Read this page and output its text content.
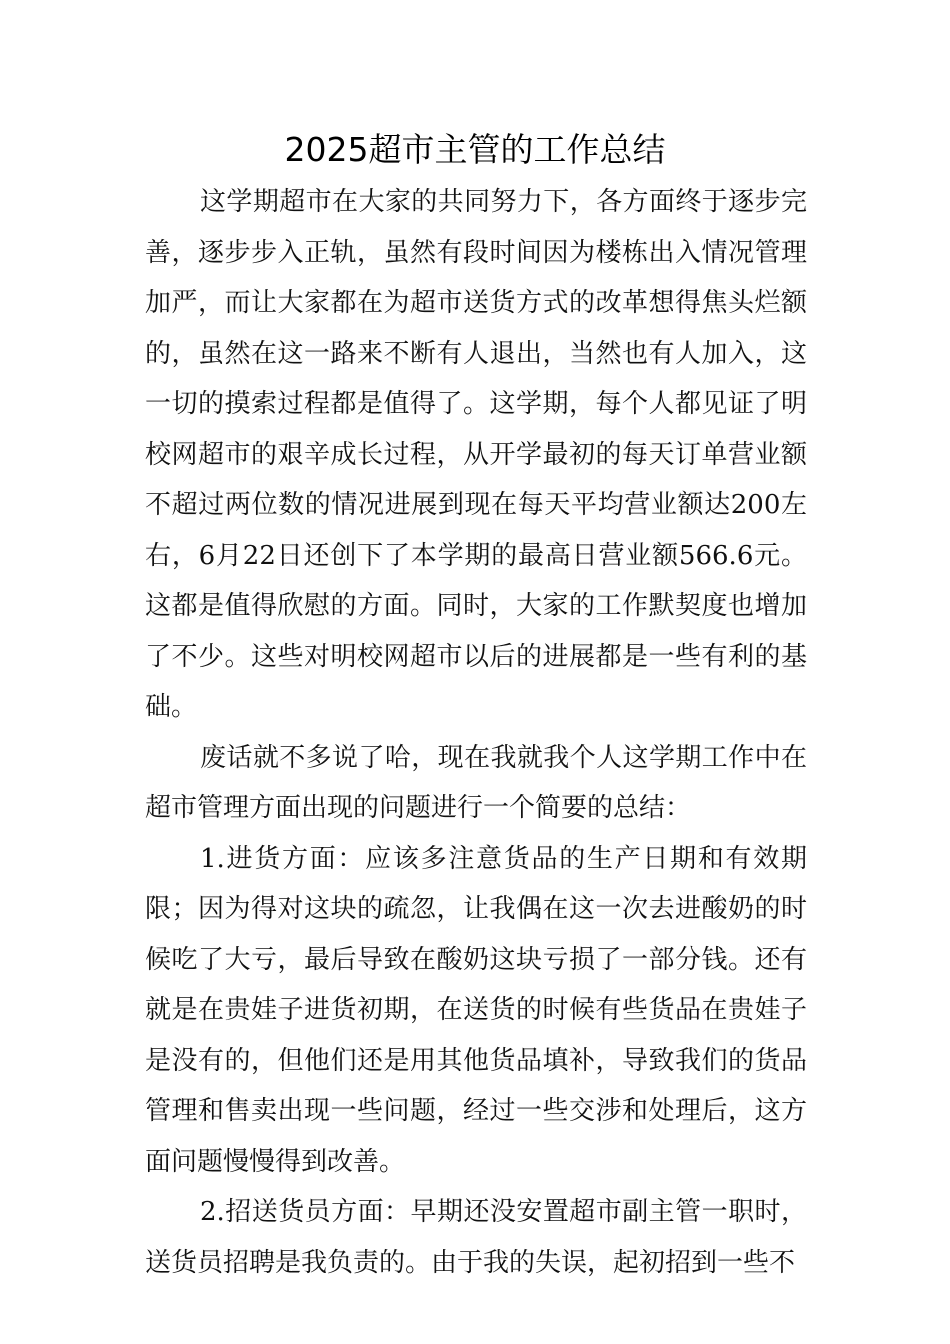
2025超市主管的工作总结

这学期超市在大家的共同努力下，各方面终于逐步完善，逐步步入正轨，虽然有段时间因为楼栋出入情况管理加严，而让大家都在为超市送货方式的改革想得焦头烂额的，虽然在这一路来不断有人退出，当然也有人加入，这一切的摸索过程都是值得了。这学期，每个人都见证了明校网超市的艰辛成长过程，从开学最初的每天订单营业额不超过两位数的情况进展到现在每天平均营业额达200左右，6月22日还创下了本学期的最高日营业额566.6元。这都是值得欣慰的方面。同时，大家的工作默契度也增加了不少。这些对明校网超市以后的进展都是一些有利的基础。

废话就不多说了哈，现在我就我个人这学期工作中在超市管理方面出现的问题进行一个简要的总结：

1.进货方面：应该多注意货品的生产日期和有效期限；因为得对这块的疏忽，让我偶在这一次去进酸奶的时候吃了大亏，最后导致在酸奶这块亏损了一部分钱。还有就是在贵娃子进货初期，在送货的时候有些货品在贵娃子是没有的，但他们还是用其他货品填补，导致我们的货品管理和售卖出现一些问题，经过一些交涉和处理后，这方面问题慢慢得到改善。

2.招送货员方面：早期还没安置超市副主管一职时，送货员招聘是我负责的。由于我的失误，起初招到一些不
